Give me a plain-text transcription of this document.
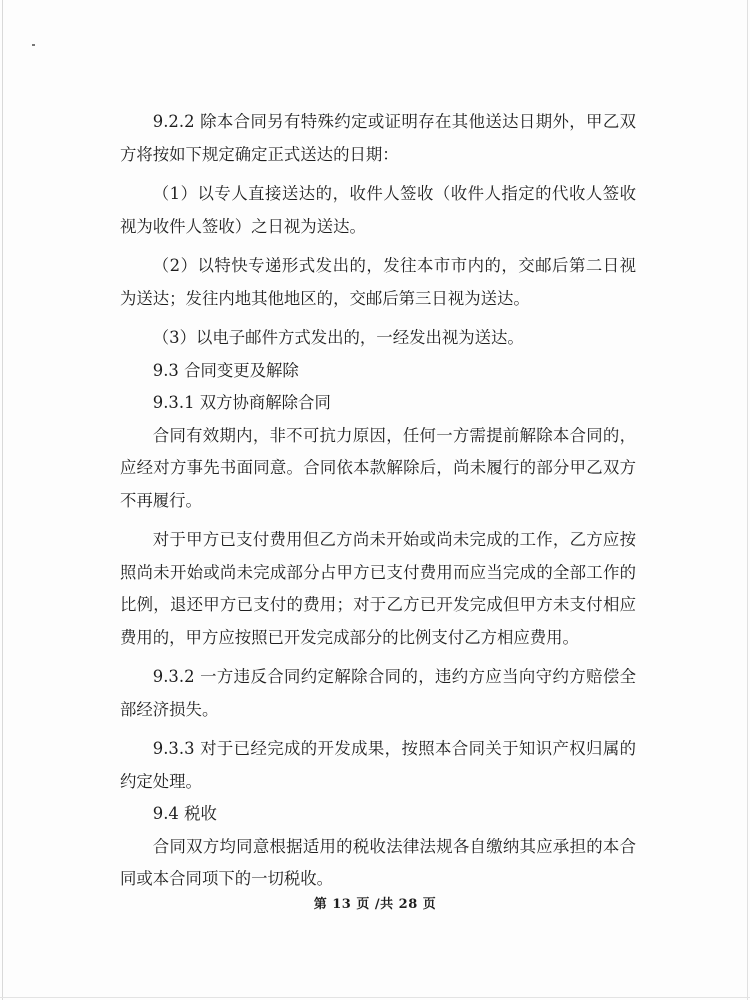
9.2.2 除本合同另有特殊约定或证明存在其他送达日期外，甲乙双方将按如下规定确定正式送达的日期：

（1）以专人直接送达的，收件人签收（收件人指定的代收人签收视为收件人签收）之日视为送达。

（2）以特快专递形式发出的，发往本市市内的，交邮后第二日视为送达；发往内地其他地区的，交邮后第三日视为送达。

（3）以电子邮件方式发出的，一经发出视为送达。

9.3 合同变更及解除

9.3.1 双方协商解除合同

合同有效期内，非不可抗力原因，任何一方需提前解除本合同的，应经对方事先书面同意。合同依本款解除后，尚未履行的部分甲乙双方不再履行。

对于甲方已支付费用但乙方尚未开始或尚未完成的工作，乙方应按照尚未开始或尚未完成部分占甲方已支付费用而应当完成的全部工作的比例，退还甲方已支付的费用；对于乙方已开发完成但甲方未支付相应费用的，甲方应按照已开发完成部分的比例支付乙方相应费用。

9.3.2 一方违反合同约定解除合同的，违约方应当向守约方赔偿全部经济损失。

9.3.3 对于已经完成的开发成果，按照本合同关于知识产权归属的约定处理。

9.4 税收

合同双方均同意根据适用的税收法律法规各自缴纳其应承担的本合同或本合同项下的一切税收。

第 13 页 /共 28 页
